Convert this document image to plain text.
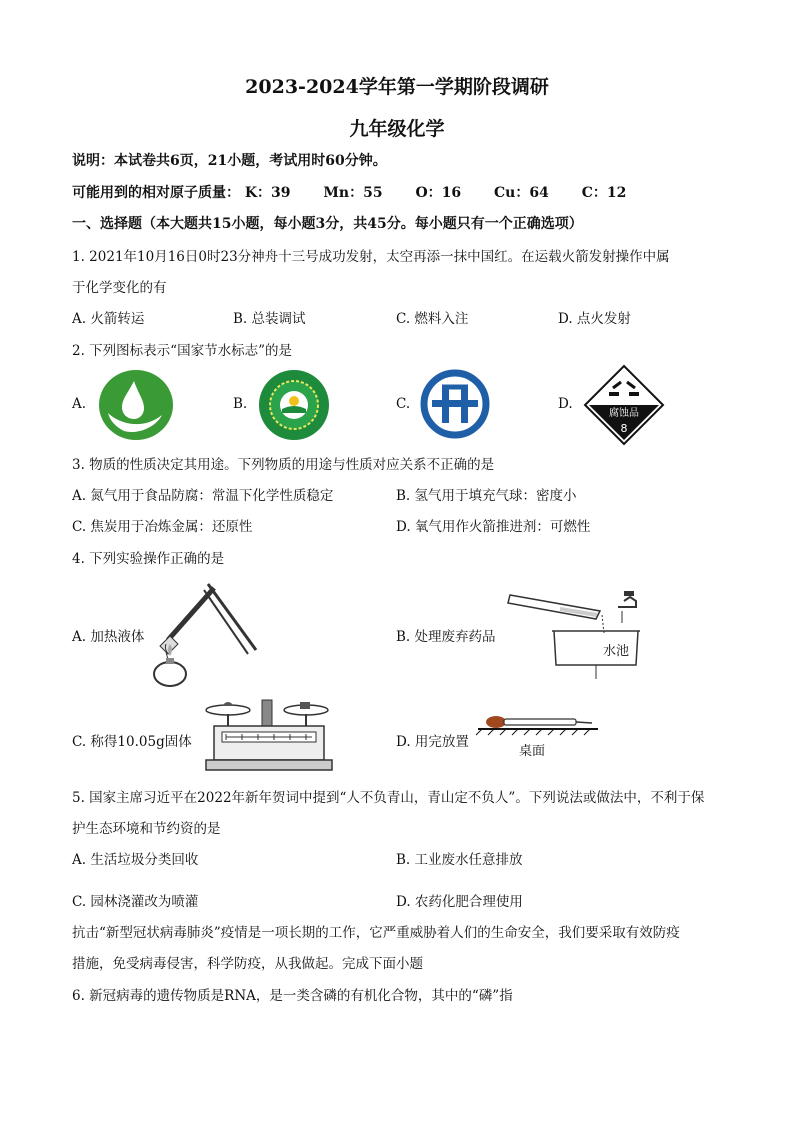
2023-2024学年第一学期阶段调研
九年级化学
说明：本试卷共6页，21小题，考试用时60分钟。
可能用到的相对原子质量： K：39 Mn：55 O：16 Cu：64 C：12
一、选择题（本大题共15小题，每小题3分，共45分。每小题只有一个正确选项）
1. 2021年10月16日0时23分神舟十三号成功发射，太空再添一抹中国红。在运载火箭发射操作中属
于化学变化的有
A. 火箭转运	B. 总装调试	C. 燃料入注	D. 点火发射
2. 下列图标表示“国家节水标志”的是
A.	B.	C.	D.
腐蚀品
8
3. 物质的性质决定其用途。下列物质的用途与性质对应关系不正确的是
A. 氮气用于食品防腐：常温下化学性质稳定	B. 氢气用于填充气球：密度小
C. 焦炭用于冶炼金属：还原性	D. 氧气用作火箭推进剂：可燃性
4. 下列实验操作正确的是
A. 加热液体	B. 处理废弃药品
C. 称得10.05g固体	D. 用完放置
水池
桌面
5. 国家主席习近平在2022年新年贺词中提到“人不负青山，青山定不负人”。下列说法或做法中，不利于保
护生态环境和节约资的是
A. 生活垃圾分类回收	B. 工业废水任意排放
C. 园林浇灌改为喷灌	D. 农药化肥合理使用
抗击“新型冠状病毒肺炎”疫情是一项长期的工作，它严重威胁着人们的生命安全，我们要采取有效防疫
措施，免受病毒侵害，科学防疫，从我做起。完成下面小题
6. 新冠病毒的遗传物质是RNA，是一类含磷的有机化合物，其中的“磷”指
